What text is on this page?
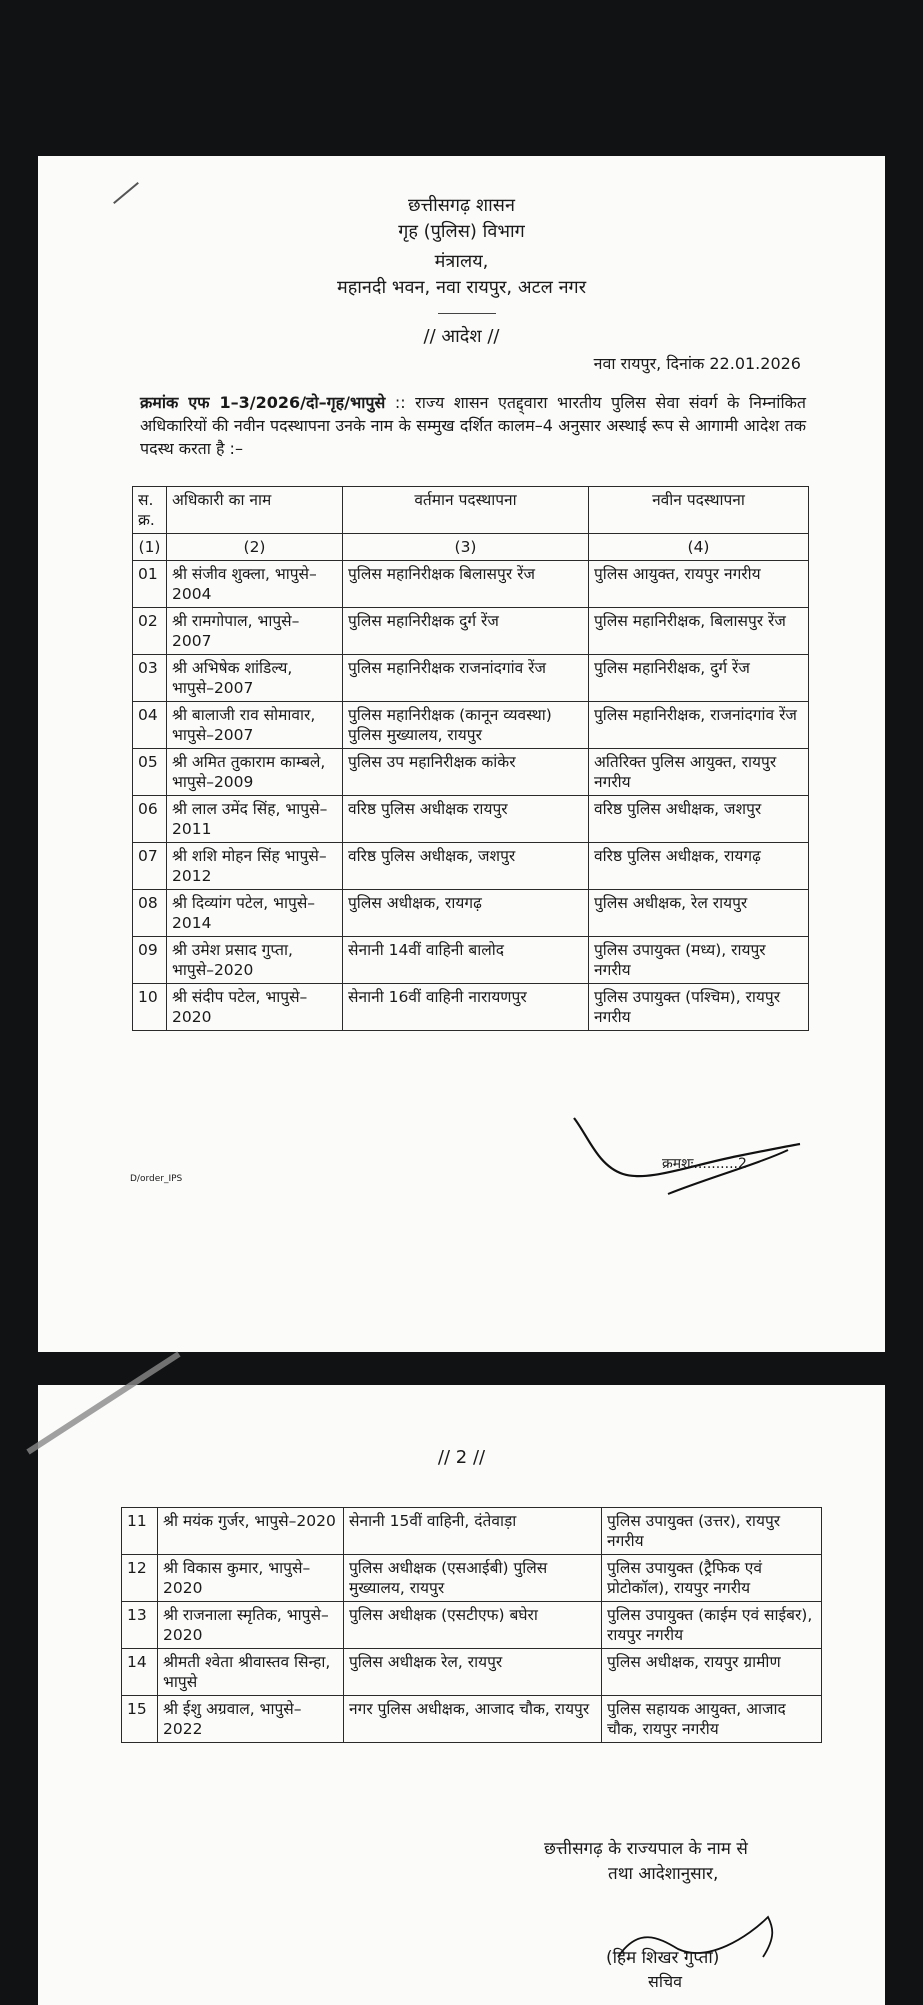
छत्तीसगढ़ शासन
गृह (पुलिस) विभाग
मंत्रालय,
महानदी भवन, नवा रायपुर, अटल नगर
// आदेश //
नवा रायपुर, दिनांक 22.01.2026
क्रमांक एफ 1–3/2026/दो–गृह/भापुसे :: राज्य शासन एतद्द्वारा भारतीय पुलिस सेवा संवर्ग के निम्नांकित अधिकारियों की नवीन पदस्थापना उनके नाम के सम्मुख दर्शित कालम–4 अनुसार अस्थाई रूप से आगामी आदेश तक पदस्थ करता है :–
स. क्र.	अधिकारी का नाम	वर्तमान पदस्थापना	नवीन पदस्थापना
(1)	(2)	(3)	(4)
01	श्री संजीव शुक्ला, भापुसे–2004	पुलिस महानिरीक्षक बिलासपुर रेंज	पुलिस आयुक्त, रायपुर नगरीय
02	श्री रामगोपाल, भापुसे–2007	पुलिस महानिरीक्षक दुर्ग रेंज	पुलिस महानिरीक्षक, बिलासपुर रेंज
03	श्री अभिषेक शांडिल्य, भापुसे–2007	पुलिस महानिरीक्षक राजनांदगांव रेंज	पुलिस महानिरीक्षक, दुर्ग रेंज
04	श्री बालाजी राव सोमावार, भापुसे–2007	पुलिस महानिरीक्षक (कानून व्यवस्था) पुलिस मुख्यालय, रायपुर	पुलिस महानिरीक्षक, राजनांदगांव रेंज
05	श्री अमित तुकाराम काम्बले, भापुसे–2009	पुलिस उप महानिरीक्षक कांकेर	अतिरिक्त पुलिस आयुक्त, रायपुर नगरीय
06	श्री लाल उमेंद सिंह, भापुसे–2011	वरिष्ठ पुलिस अधीक्षक रायपुर	वरिष्ठ पुलिस अधीक्षक, जशपुर
07	श्री शशि मोहन सिंह भापुसे– 2012	वरिष्ठ पुलिस अधीक्षक, जशपुर	वरिष्ठ पुलिस अधीक्षक, रायगढ़
08	श्री दिव्यांग पटेल, भापुसे–2014	पुलिस अधीक्षक, रायगढ़	पुलिस अधीक्षक, रेल रायपुर
09	श्री उमेश प्रसाद गुप्ता, भापुसे–2020	सेनानी 14वीं वाहिनी बालोद	पुलिस उपायुक्त (मध्य), रायपुर नगरीय
10	श्री संदीप पटेल, भापुसे–2020	सेनानी 16वीं वाहिनी नारायणपुर	पुलिस उपायुक्त (पश्चिम), रायपुर नगरीय
क्रमशः..........2
D/order_IPS
// 2 //
11	श्री मयंक गुर्जर, भापुसे–2020	सेनानी 15वीं वाहिनी, दंतेवाड़ा	पुलिस उपायुक्त (उत्तर), रायपुर नगरीय
12	श्री विकास कुमार, भापुसे–2020	पुलिस अधीक्षक (एसआईबी) पुलिस मुख्यालय, रायपुर	पुलिस उपायुक्त (ट्रैफिक एवं प्रोटोकॉल), रायपुर नगरीय
13	श्री राजनाला स्मृतिक, भापुसे–2020	पुलिस अधीक्षक (एसटीएफ) बघेरा	पुलिस उपायुक्त (काईम एवं साईबर), रायपुर नगरीय
14	श्रीमती श्वेता श्रीवास्तव सिन्हा, भापुसे	पुलिस अधीक्षक रेल, रायपुर	पुलिस अधीक्षक, रायपुर ग्रामीण
15	श्री ईशु अग्रवाल, भापुसे–2022	नगर पुलिस अधीक्षक, आजाद चौक, रायपुर	पुलिस सहायक आयुक्त, आजाद चौक, रायपुर नगरीय
छत्तीसगढ़ के राज्यपाल के नाम से
तथा आदेशानुसार,
(हिम शिखर गुप्ता)
सचिव
